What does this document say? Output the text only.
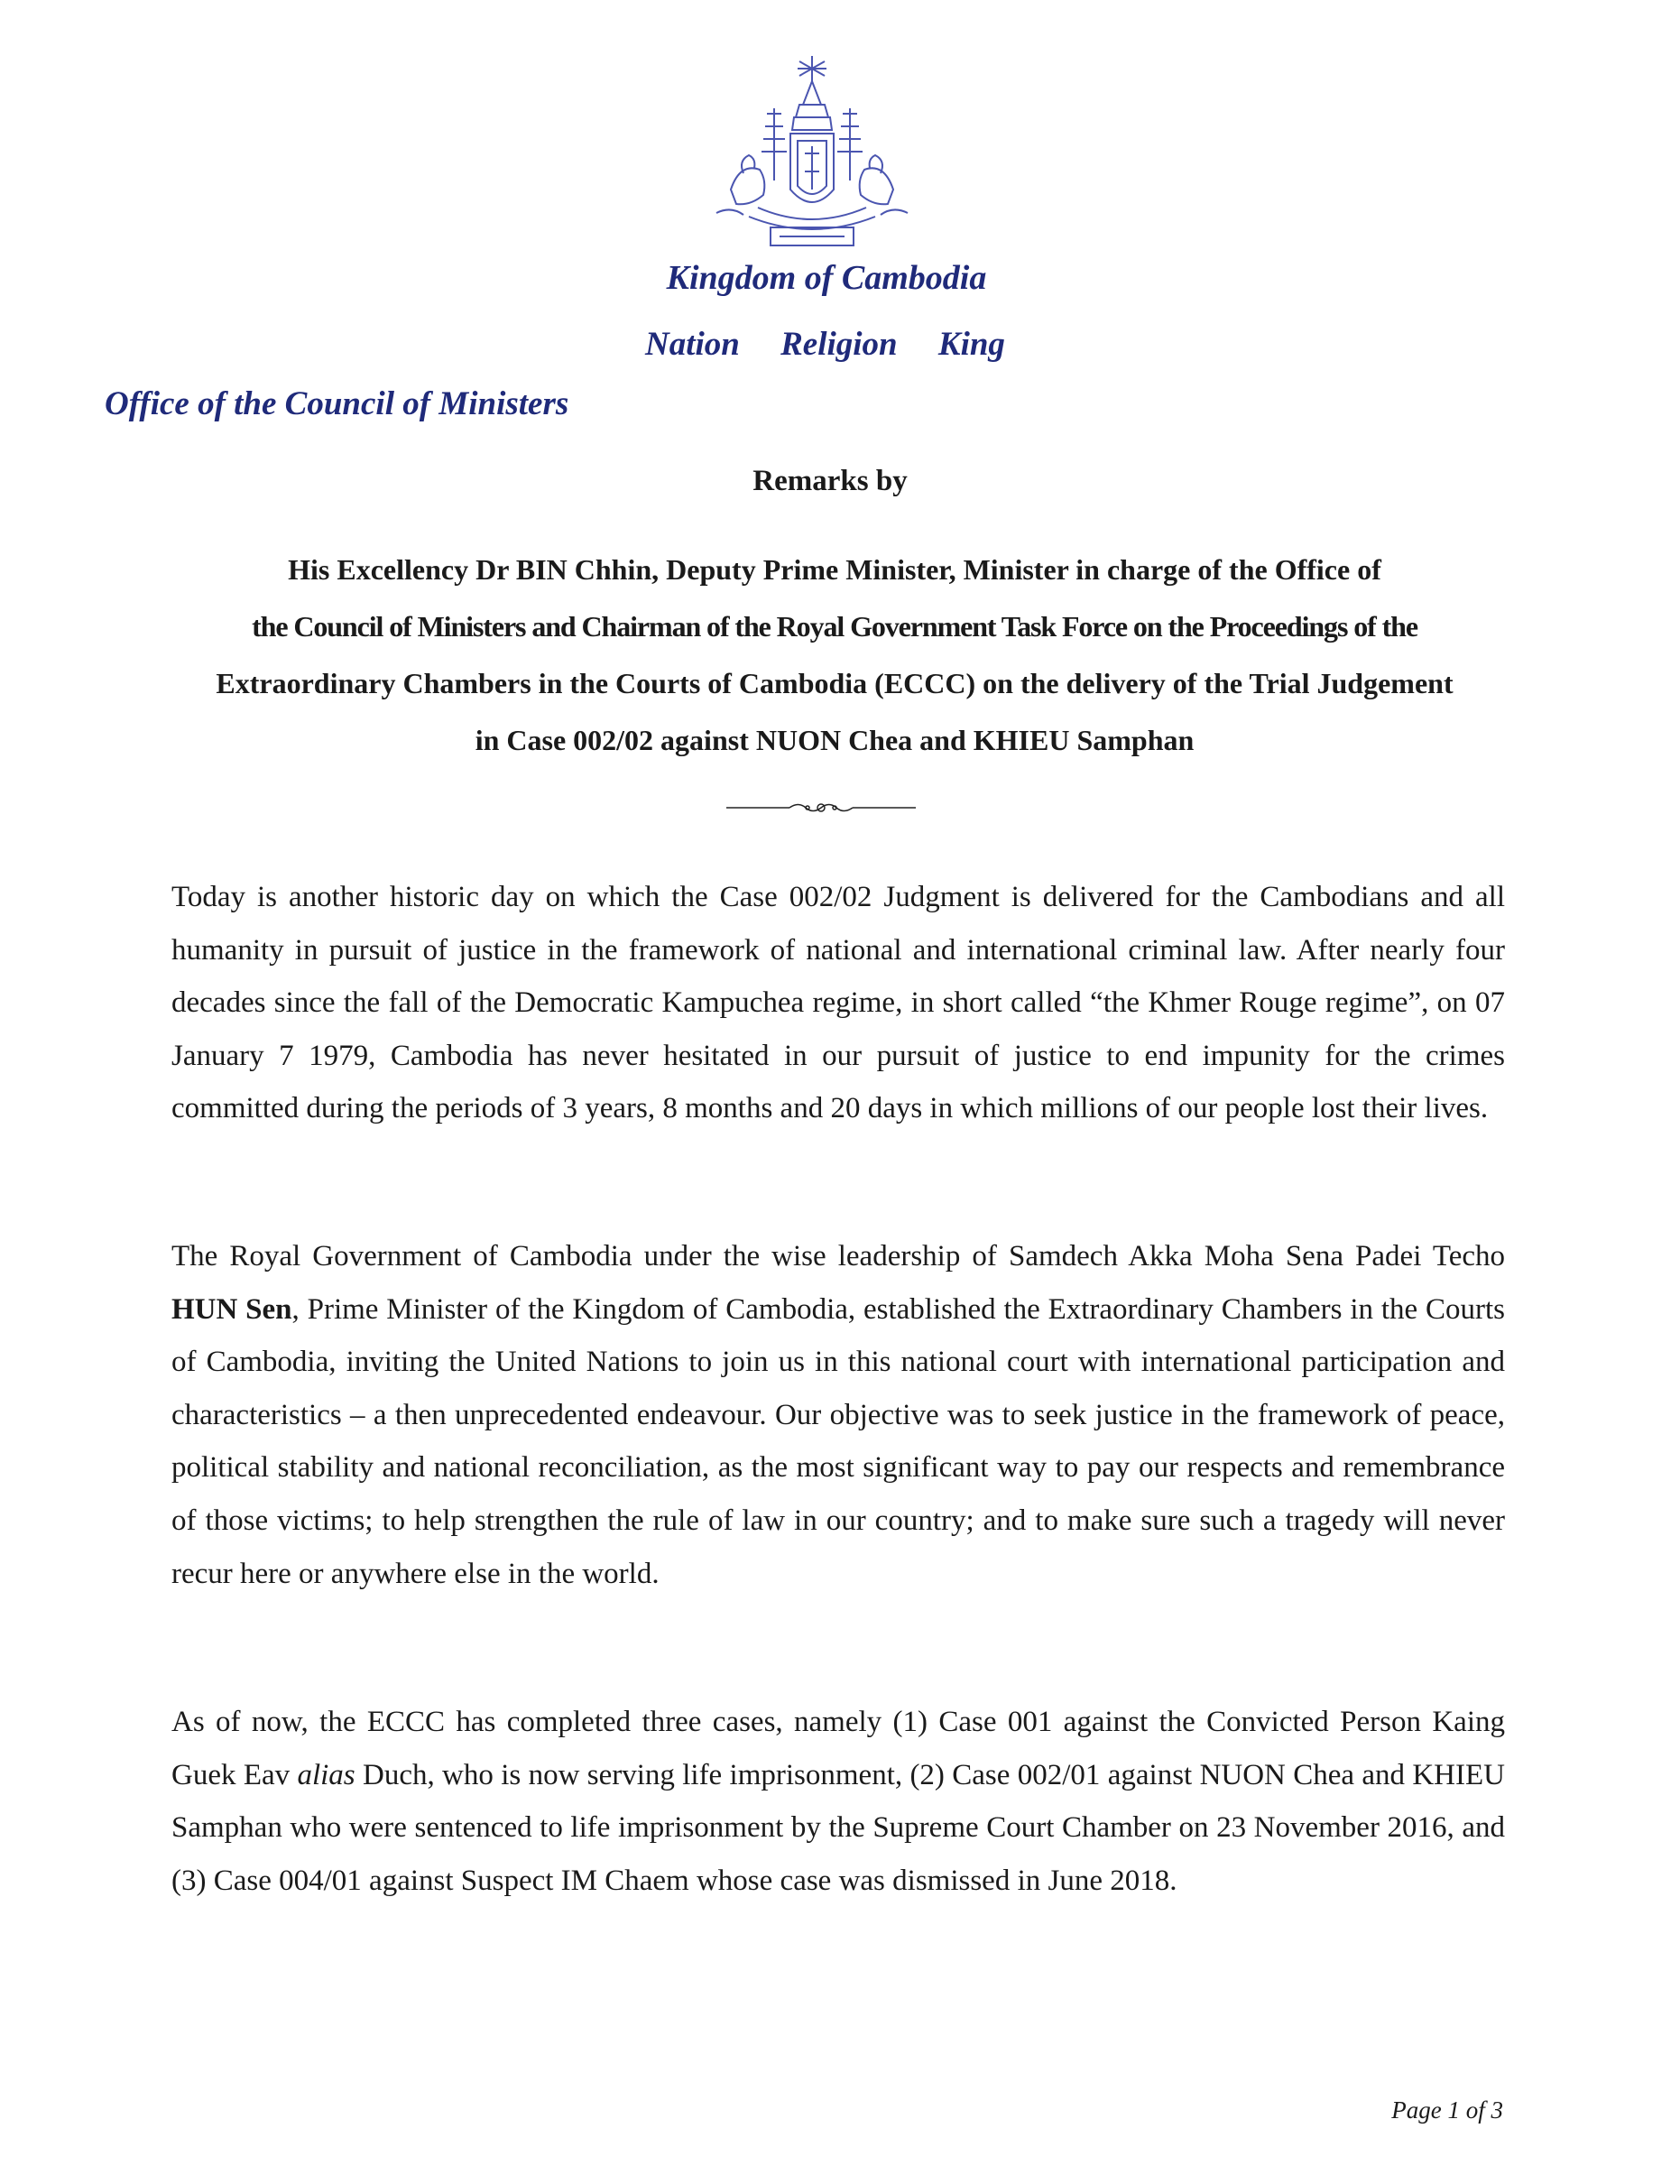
Kingdom of Cambodia
Nation Religion King
Office of the Council of Ministers
Remarks by
His Excellency Dr BIN Chhin, Deputy Prime Minister, Minister in charge of the Office of
the Council of Ministers and Chairman of the Royal Government Task Force on the Proceedings of the
Extraordinary Chambers in the Courts of Cambodia (ECCC) on the delivery of the Trial Judgement
in Case 002/02 against NUON Chea and KHIEU Samphan
Today is another historic day on which the Case 002/02 Judgment is delivered for the Cambodians and all humanity in pursuit of justice in the framework of national and international criminal law. After nearly four decades since the fall of the Democratic Kampuchea regime, in short called “the Khmer Rouge regime”, on 07 January 7 1979, Cambodia has never hesitated in our pursuit of justice to end impunity for the crimes committed during the periods of 3 years, 8 months and 20 days in which millions of our people lost their lives.
The Royal Government of Cambodia under the wise leadership of Samdech Akka Moha Sena Padei Techo HUN Sen, Prime Minister of the Kingdom of Cambodia, established the Extraordinary Chambers in the Courts of Cambodia, inviting the United Nations to join us in this national court with international participation and characteristics – a then unprecedented endeavour. Our objective was to seek justice in the framework of peace, political stability and national reconciliation, as the most significant way to pay our respects and remembrance of those victims; to help strengthen the rule of law in our country; and to make sure such a tragedy will never recur here or anywhere else in the world.
As of now, the ECCC has completed three cases, namely (1) Case 001 against the Convicted Person Kaing Guek Eav alias Duch, who is now serving life imprisonment, (2) Case 002/01 against NUON Chea and KHIEU Samphan who were sentenced to life imprisonment by the Supreme Court Chamber on 23 November 2016, and (3) Case 004/01 against Suspect IM Chaem whose case was dismissed in June 2018.
Page 1 of 3
